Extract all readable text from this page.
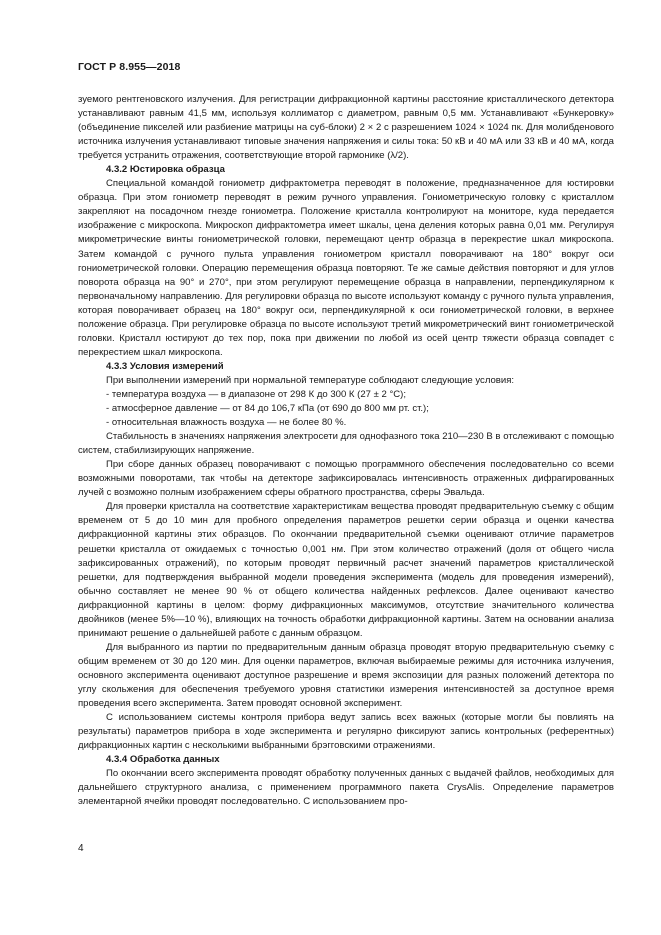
ГОСТ Р 8.955—2018

зуемого рентгеновского излучения. Для регистрации дифракционной картины расстояние кристаллического детектора устанавливают равным 41,5 мм, используя коллиматор с диаметром, равным 0,5 мм. Устанавливают «Бункеровку» (объединение пикселей или разбиение матрицы на суб-блоки) 2 × 2 с разрешением 1024 × 1024 пк. Для молибденового источника излучения устанавливают типовые значения напряжения и силы тока: 50 кВ и 40 мА или 33 кВ и 40 мА, когда требуется устранить отражения, соответствующие второй гармонике (λ/2).

4.3.2 Юстировка образца

Специальной командой гониометр дифрактометра переводят в положение, предназначенное для юстировки образца. При этом гониометр переводят в режим ручного управления. Гониометрическую головку с кристаллом закрепляют на посадочном гнезде гониометра. Положение кристалла контролируют на мониторе, куда передается изображение с микроскопа. Микроскоп дифрактометра имеет шкалы, цена деления которых равна 0,01 мм. Регулируя микрометрические винты гониометрической головки, перемещают центр образца в перекрестие шкал микроскопа. Затем командой с ручного пульта управления гониометром кристалл поворачивают на 180° вокруг оси гониометрической головки. Операцию перемещения образца повторяют. Те же самые действия повторяют и для углов поворота образца на 90° и 270°, при этом регулируют перемещение образца в направлении, перпендикулярном к первоначальному направлению. Для регулировки образца по высоте используют команду с ручного пульта управления, которая поворачивает образец на 180° вокруг оси, перпендикулярной к оси гониометрической головки, в верхнее положение образца. При регулировке образца по высоте используют третий микрометрический винт гониометрической головки. Кристалл юстируют до тех пор, пока при движении по любой из осей центр тяжести образца совпадет с перекрестием шкал микроскопа.

4.3.3 Условия измерений

При выполнении измерений при нормальной температуре соблюдают следующие условия:

- температура воздуха — в диапазоне от 298 К до 300 К (27 ± 2 °С);

- атмосферное давление — от 84 до 106,7 кПа (от 690 до 800 мм рт. ст.);

- относительная влажность воздуха — не более 80 %.

Стабильность в значениях напряжения электросети для однофазного тока 210—230 В в отслеживают с помощью систем, стабилизирующих напряжение.

При сборе данных образец поворачивают с помощью программного обеспечения последовательно со всеми возможными поворотами, так чтобы на детекторе зафиксировалась интенсивность отраженных дифрагированных лучей с возможно полным изображением сферы обратного пространства, сферы Эвальда.

Для проверки кристалла на соответствие характеристикам вещества проводят предварительную съемку с общим временем от 5 до 10 мин для пробного определения параметров решетки серии образца и оценки качества дифракционной картины этих образцов. По окончании предварительной съемки оценивают отличие параметров решетки кристалла от ожидаемых с точностью 0,001 нм. При этом количество отражений (доля от общего числа зафиксированных отражений), по которым проводят первичный расчет значений параметров кристаллической решетки, для подтверждения выбранной модели проведения эксперимента (модель для проведения измерений), обычно составляет не менее 90 % от общего количества найденных рефлексов. Далее оценивают качество дифракционной картины в целом: форму дифракционных максимумов, отсутствие значительного количества двойников (менее 5%—10 %), влияющих на точность обработки дифракционной картины. Затем на основании анализа принимают решение о дальнейшей работе с данным образцом.

Для выбранного из партии по предварительным данным образца проводят вторую предварительную съемку с общим временем от 30 до 120 мин. Для оценки параметров, включая выбираемые режимы для источника излучения, основного эксперимента оценивают доступное разрешение и время экспозиции для разных положений детектора по углу скольжения для обеспечения требуемого уровня статистики измерения интенсивностей за доступное время проведения всего эксперимента. Затем проводят основной эксперимент.

С использованием системы контроля прибора ведут запись всех важных (которые могли бы повлиять на результаты) параметров прибора в ходе эксперимента и регулярно фиксируют запись контрольных (референтных) дифракционных картин с несколькими выбранными брэгговскими отражениями.

4.3.4 Обработка данных

По окончании всего эксперимента проводят обработку полученных данных с выдачей файлов, необходимых для дальнейшего структурного анализа, с применением программного пакета CrysAlis. Определение параметров элементарной ячейки проводят последовательно. С использованием про-

4
